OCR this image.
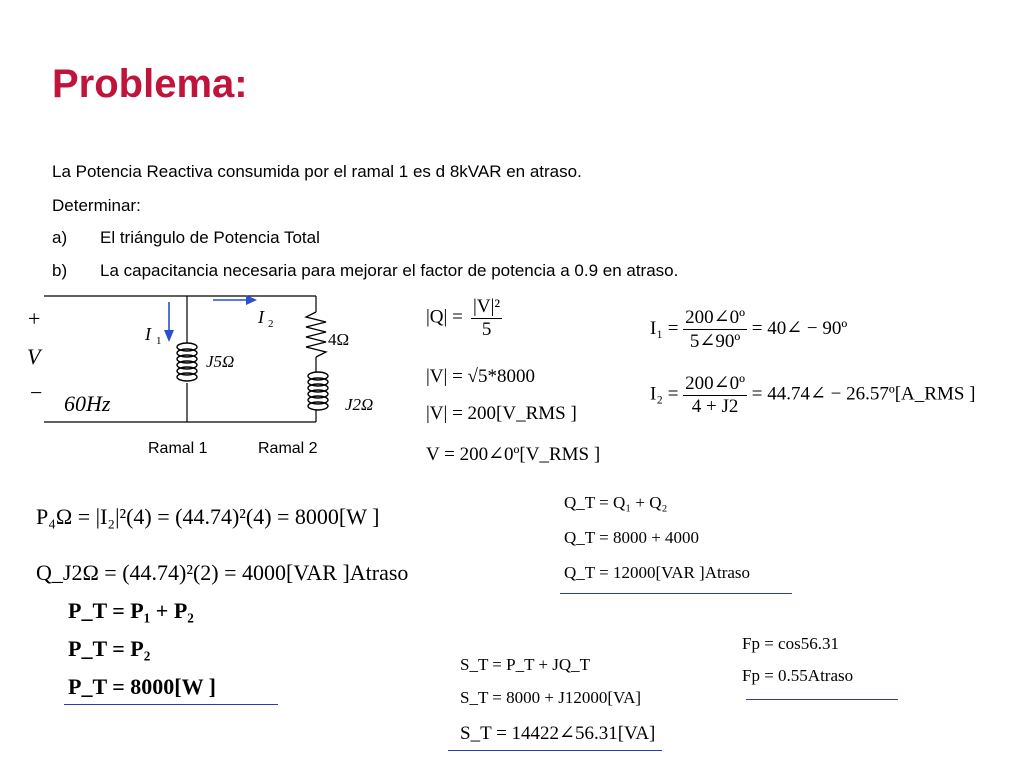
Problema:
La Potencia Reactiva consumida por el ramal 1 es d 8kVAR en atraso.
Determinar:
a) El triángulo de Potencia Total
b) La capacitancia necesaria para mejorar el factor de potencia a 0.9 en atraso.
+
V
− 60Hz
I 1
I 2
J5Ω
4Ω
J2Ω
Ramal 1	Ramal 2
$|Q| = \frac{\text{|V|²}}{5}$
|V| = √5*8000
|V| = 200[V_RMS ]
V = 200∠0º[V_RMS ]
$I_1 = \frac{\text{200∠0º}}{\text{5∠90º}}$ = 40∠ − 90º
$I_2 = \frac{\text{200∠0º}}{4 + J2}$ = 44.74∠ − 26.57º[A_RMS ]
P₄Ω = |I₂|²(4) = (44.74)²(4) = 8000[W ]
Q_J2Ω = (44.74)²(2) = 4000[VAR ]Atraso
P_T = P₁ + P₂
P_T = P₂
P_T = 8000[W ]
Q_T = Q₁ + Q₂
Q_T = 8000 + 4000
Q_T = 12000[VAR ]Atraso
Fp = cos56.31
Fp = 0.55Atraso
S_T = P_T + JQ_T
S_T = 8000 + J12000[VA]
S_T = 14422∠56.31[VA]
